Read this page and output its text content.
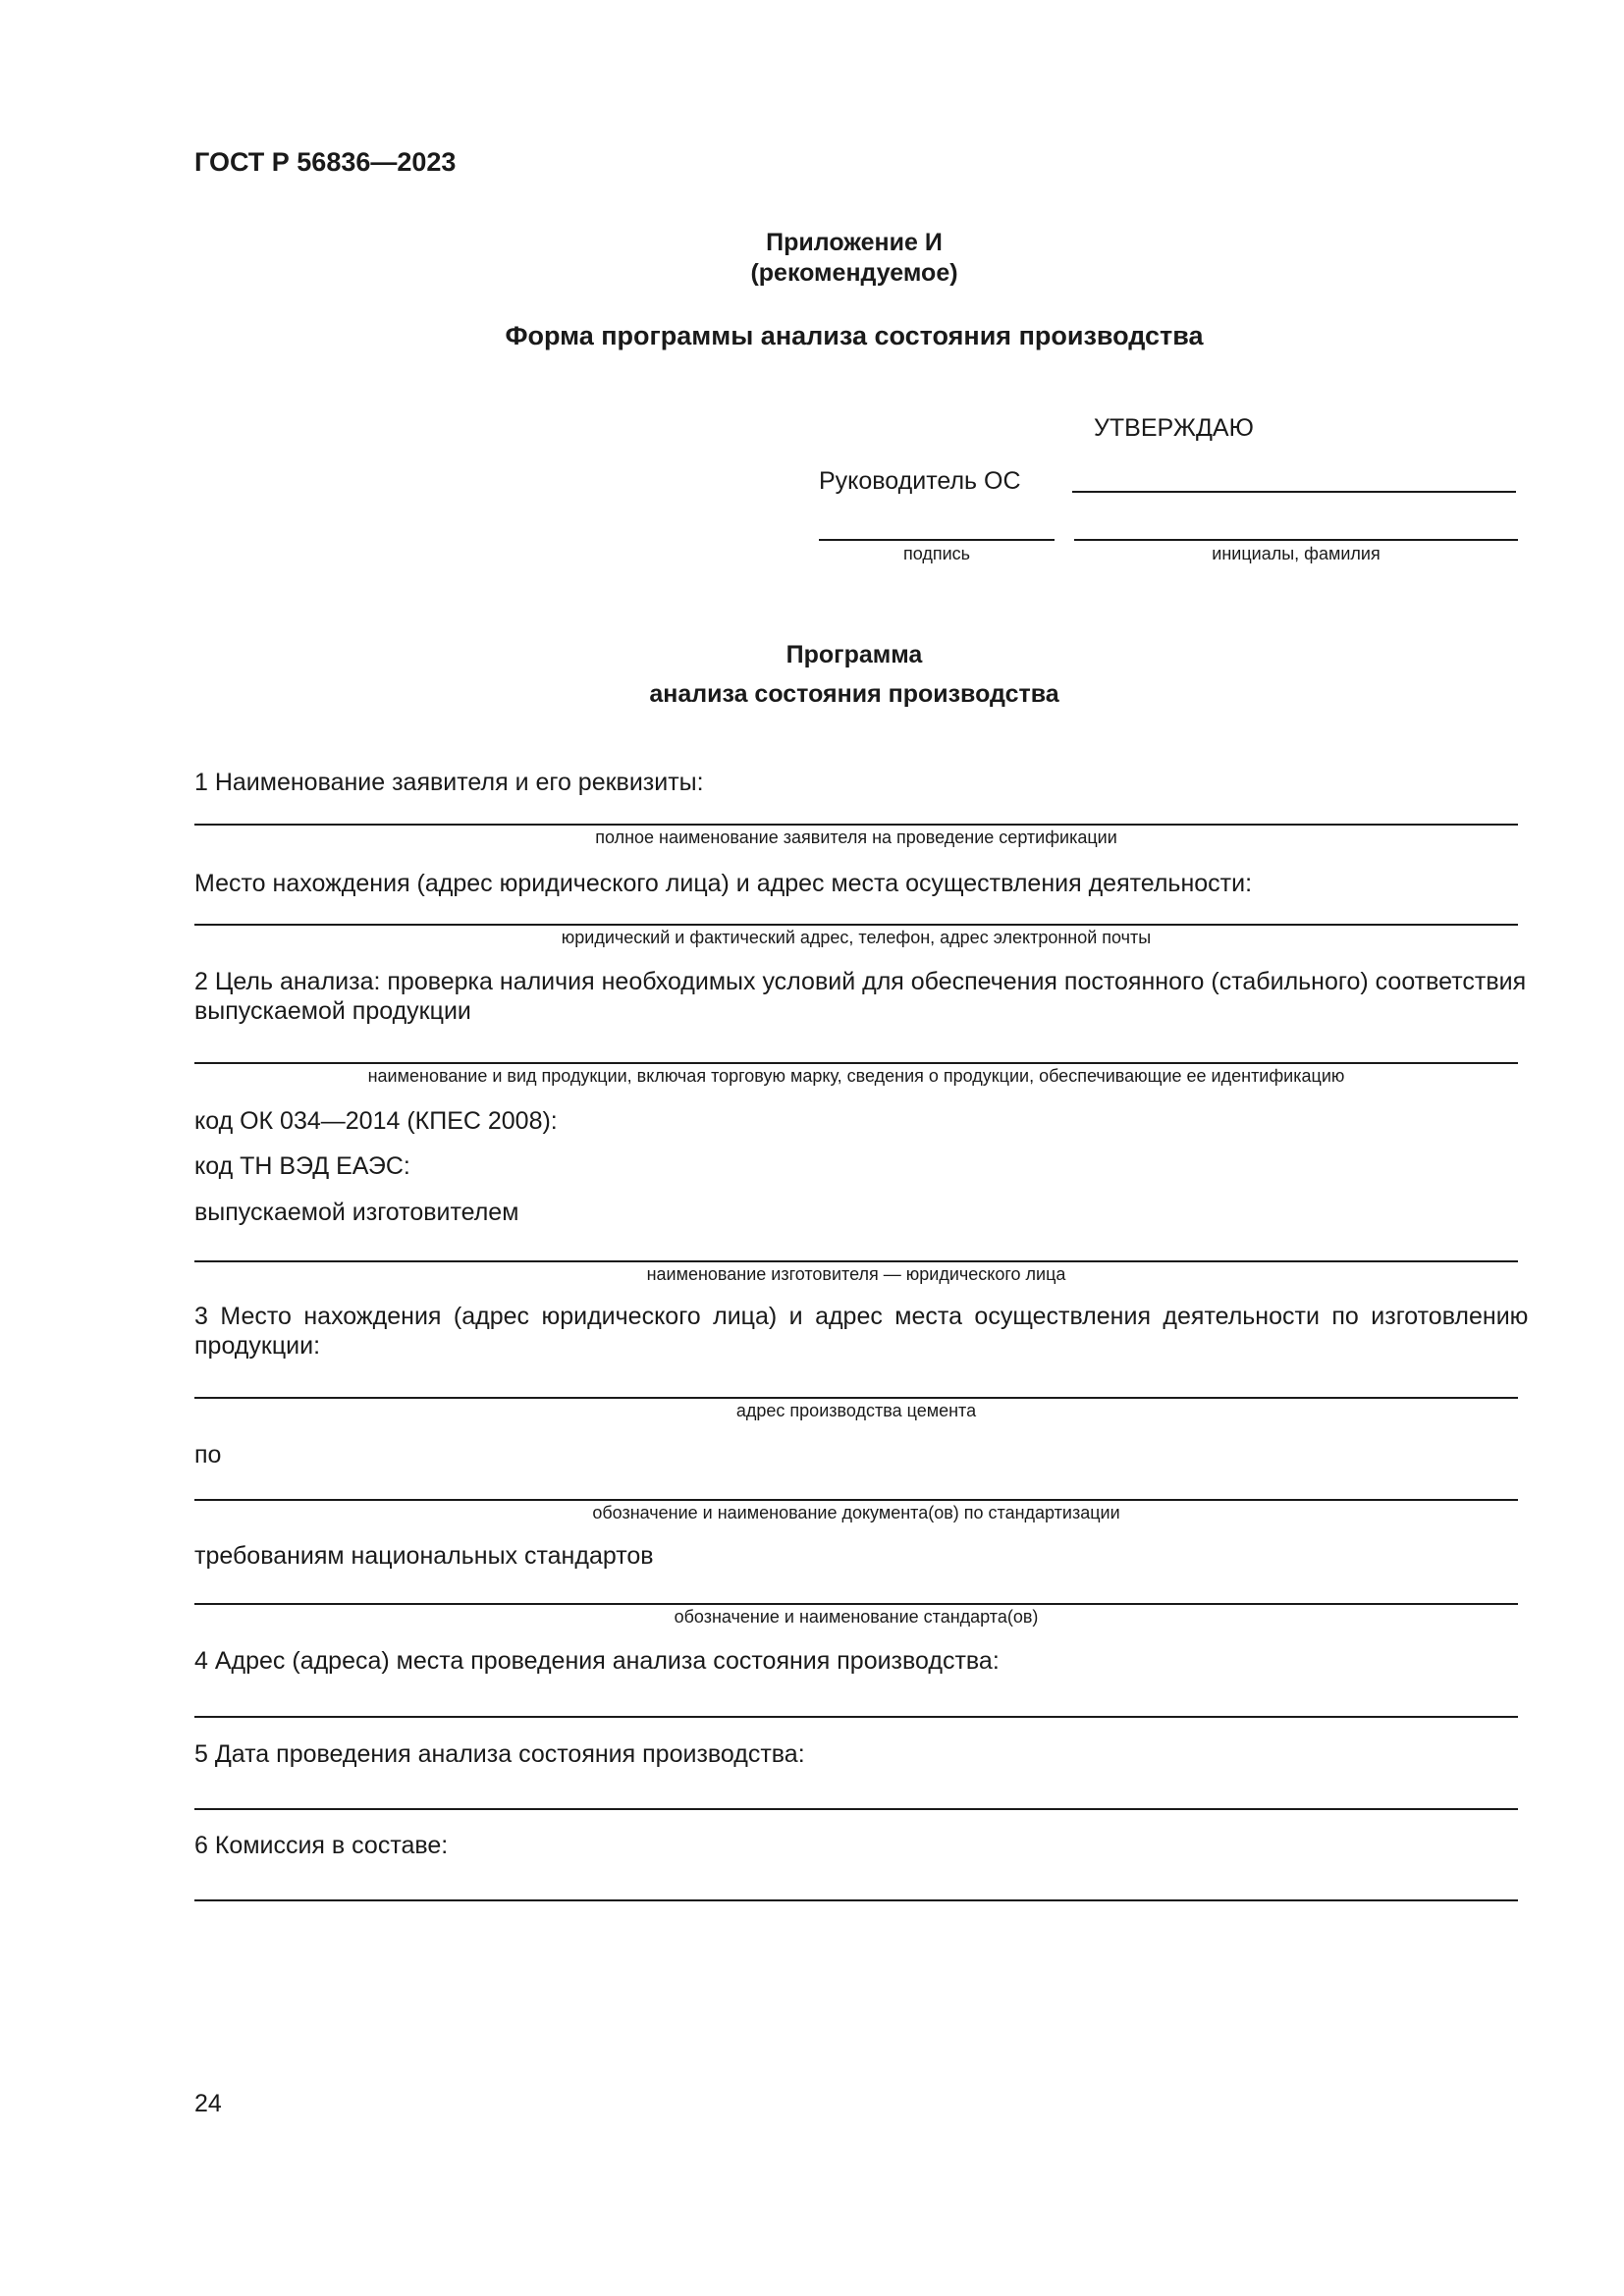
ГОСТ Р 56836—2023
Приложение И
(рекомендуемое)
Форма программы анализа состояния производства
УТВЕРЖДАЮ
Руководитель ОС
подпись	инициалы, фамилия
Программа
анализа состояния производства
1 Наименование заявителя и его реквизиты:
полное наименование заявителя на проведение сертификации
Место нахождения (адрес юридического лица) и адрес места осуществления деятельности:
юридический и фактический адрес, телефон, адрес электронной почты
2 Цель анализа: проверка наличия необходимых условий для обеспечения постоянного (стабильного) соответствия
выпускаемой продукции
наименование и вид продукции, включая торговую марку, сведения о продукции, обеспечивающие ее идентификацию
код ОК 034—2014 (КПЕС 2008):
код ТН ВЭД ЕАЭС:
выпускаемой изготовителем
наименование изготовителя — юридического лица
3 Место нахождения (адрес юридического лица) и адрес места осуществления деятельности по изготовлению
продукции:
адрес производства цемента
по
обозначение и наименование документа(ов) по стандартизации
требованиям национальных стандартов
обозначение и наименование стандарта(ов)
4 Адрес (адреса) места проведения анализа состояния производства:
5 Дата проведения анализа состояния производства:
6 Комиссия в составе:
24
